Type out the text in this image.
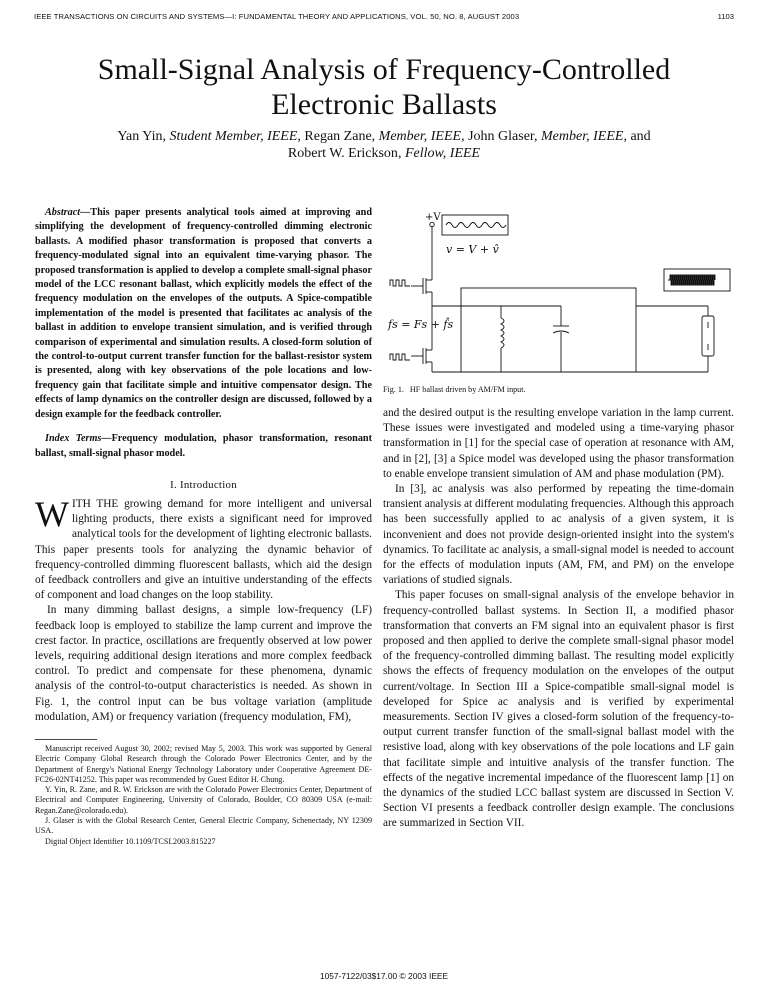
IEEE TRANSACTIONS ON CIRCUITS AND SYSTEMS—I: FUNDAMENTAL THEORY AND APPLICATIONS, VOL. 50, NO. 8, AUGUST 2003	1103
Small-Signal Analysis of Frequency-Controlled Electronic Ballasts
Yan Yin, Student Member, IEEE, Regan Zane, Member, IEEE, John Glaser, Member, IEEE, and
Robert W. Erickson, Fellow, IEEE

Abstract—This paper presents analytical tools aimed at improving and simplifying the development of frequency-controlled dimming electronic ballasts. A modified phasor transformation is proposed that converts a frequency-modulated signal into an equivalent time-varying phasor. The proposed transformation is applied to develop a complete small-signal phasor model of the LCC resonant ballast, which explicitly models the effect of the frequency modulation on the envelopes of the outputs. A Spice-compatible implementation of the model is presented that facilitates ac analysis of the ballast in addition to envelope transient simulation, and is verified through comparison of experimental and simulation results. A closed-form solution of the control-to-output current transfer function for the ballast-resistor system is presented, along with key observations of the pole locations and low-frequency gain that facilitate simple and intuitive compensator design. The effects of lamp dynamics on the controller design are discussed, followed by a design example for the feedback controller.

Index Terms—Frequency modulation, phasor transformation, resonant ballast, small-signal phasor model.

I. Introduction

WITH THE growing demand for more intelligent and universal lighting products, there exists a significant need for improved analytical tools for the development of lighting electronic ballasts. This paper presents tools for analyzing the dynamic behavior of frequency-controlled dimming fluorescent ballasts, which aid the design of feedback controllers and give an intuitive understanding of the effects of component and load changes on the loop stability.

In many dimming ballast designs, a simple low-frequency (LF) feedback loop is employed to stabilize the lamp current and improve the crest factor. In practice, oscillations are frequently observed at low power levels, requiring additional design iterations and more complex feedback control. To predict and compensate for these phenomena, dynamic analysis of the control-to-output characteristics is needed. As shown in Fig. 1, the control input can be bus voltage variation (amplitude modulation, AM) or frequency variation (frequency modulation, FM),

Manuscript received August 30, 2002; revised May 5, 2003. This work was supported by General Electric Company Global Research through the Colorado Power Electronics Center, and by the Department of Energy's National Energy Technology Laboratory under Cooperative Agreement DE-FC26-02NT41252. This paper was recommended by Guest Editor H. Chung.

Y. Yin, R. Zane, and R. W. Erickson are with the Colorado Power Electronics Center, Department of Electrical and Computer Engineering, University of Colorado, Boulder, CO 80309 USA (e-mail: Regan.Zane@colorado.edu).

J. Glaser is with the Global Research Center, General Electric Company, Schenectady, NY 12309 USA.

Digital Object Identifier 10.1109/TCSI.2003.815227

+V
v = V + v̂
fs = Fs + f̂s
Fig. 1. HF ballast driven by AM/FM input.

and the desired output is the resulting envelope variation in the lamp current. These issues were investigated and modeled using a time-varying phasor transformation in [1] for the special case of operation at resonance with AM, and in [2], [3] a Spice model was developed using the phasor transformation to enable envelope transient simulation of AM and phase modulation (PM).

In [3], ac analysis was also performed by repeating the time-domain transient analysis at different modulating frequencies. Although this approach has been successfully applied to ac analysis of a given system, it is inconvenient and does not provide design-oriented insight into the system's dynamics. To facilitate ac analysis, a small-signal model is needed to account for the effects of modulation inputs (AM, FM, and PM) on the envelope variations of studied signals.

This paper focuses on small-signal analysis of the envelope behavior in frequency-controlled ballast systems. In Section II, a modified phasor transformation that converts an FM signal into an equivalent phasor is first proposed and then applied to derive the complete small-signal phasor model of the frequency-controlled dimming ballast. The resulting model explicitly shows the effects of frequency modulation on the envelopes of the output current/voltage. In Section III a Spice-compatible small-signal model is developed for Spice ac analysis and is verified by experimental measurements. Section IV gives a closed-form solution of the frequency-to-output current transfer function of the small-signal ballast model with the resistive load, along with key observations of the pole locations and LF gain that facilitate simple and intuitive analysis of the transfer function. The effects of the negative incremental impedance of the fluorescent lamp [1] on the dynamics of the studied LCC ballast system are discussed in Section V. Section VI presents a feedback controller design example. The conclusions are summarized in Section VII.

1057-7122/03$17.00 © 2003 IEEE
